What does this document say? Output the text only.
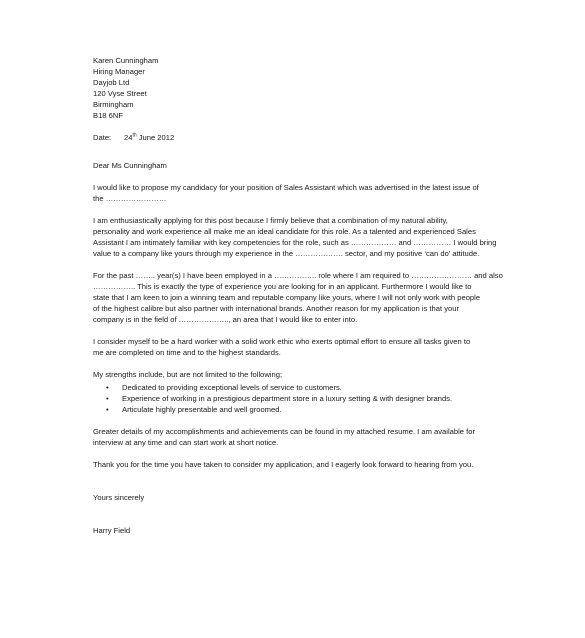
Karen Cunningham
Hiring Manager
Dayjob Ltd
120 Vyse Street
Birmingham
B18 6NF
Date:	24th June 2012
Dear Ms Cunningham
I would like to propose my candidacy for your position of Sales Assistant which was advertised in the latest issue of
the ……………………
I am enthusiastically applying for this post because I firmly believe that a combination of my natural ability,
personality and work experience all make me an ideal candidate for this role. As a talented and experienced Sales
Assistant I am intimately familiar with key competencies for the role, such as ……………… and …………… I would bring
value to a company like yours through my experience in the ………………. sector, and my positive ‘can do’ attitude.
For the past …….. year(s) I have been employed in a …………….. role where I am required to …………………… and also
…………….. This is exactly the type of experience you are looking for in an applicant. Furthermore I would like to
state that I am keen to join a winning team and reputable company like yours, where I will not only work with people
of the highest calibre but also partner with international brands. Another reason for my application is that your
company is in the field of ……………….., an area that I would like to enter into.
I consider myself to be a hard worker with a solid work ethic who exerts optimal effort to ensure all tasks given to
me are completed on time and to the highest standards.
My strengths include, but are not limited to the following;
• Dedicated to providing exceptional levels of service to customers.
• Experience of working in a prestigious department store in a luxury setting & with designer brands.
• Articulate highly presentable and well groomed.
Greater details of my accomplishments and achievements can be found in my attached resume. I am available for
interview at any time and can start work at short notice.
Thank you for the time you have taken to consider my application, and I eagerly look forward to hearing from you.
Yours sincerely
Harry Field
